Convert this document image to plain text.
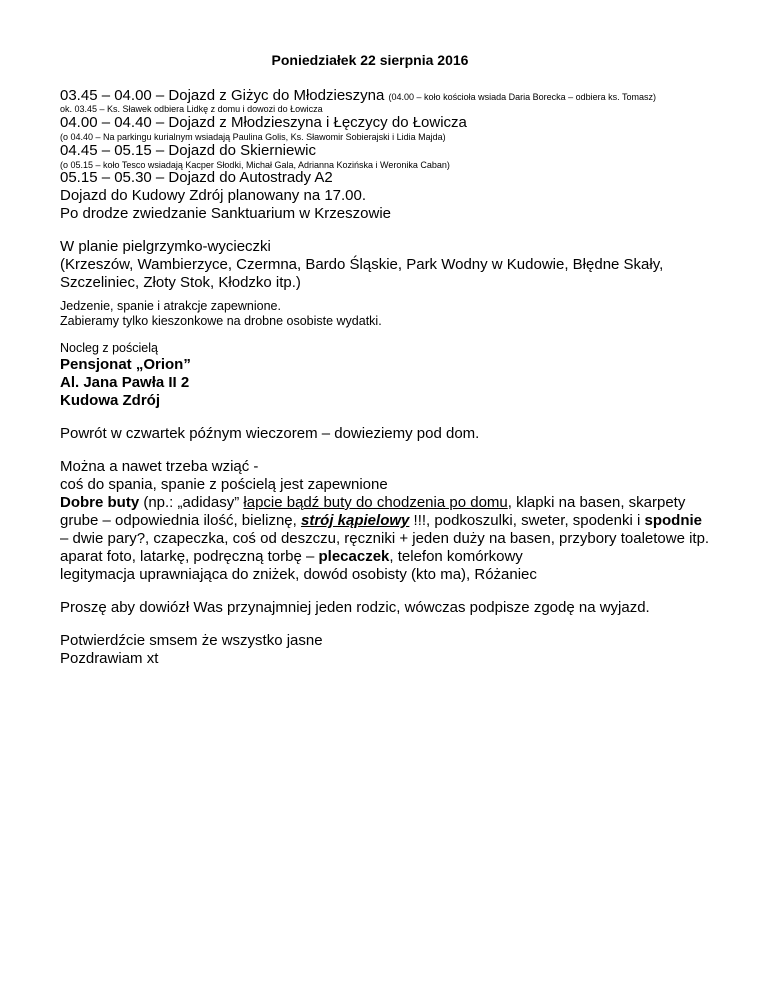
Poniedziałek 22 sierpnia 2016
03.45 – 04.00 – Dojazd z Giżyc do Młodzieszyna (04.00 – koło kościoła wsiada Daria Borecka – odbiera ks. Tomasz)
ok. 03.45 – Ks. Sławek odbiera Lidkę z domu i dowozi do Łowicza
04.00 – 04.40 – Dojazd z Młodzieszyna i Łęczycy do Łowicza
(o 04.40 – Na parkingu kurialnym wsiadają Paulina Golis, Ks. Sławomir Sobierajski i Lidia Majda)
04.45 – 05.15 – Dojazd do Skierniewic
(o 05.15 – koło Tesco wsiadają Kacper Słodki, Michał Gala, Adrianna Kozińska i Weronika Caban)
05.15 – 05.30 – Dojazd do Autostrady A2
Dojazd do Kudowy Zdrój planowany na 17.00.
Po drodze zwiedzanie Sanktuarium w Krzeszowie
W planie pielgrzymko-wycieczki
(Krzeszów, Wambierzyce, Czermna, Bardo Śląskie, Park Wodny w Kudowie, Błędne Skały,
Szczeliniec, Złoty Stok, Kłodzko itp.)
Jedzenie, spanie i atrakcje zapewnione.
Zabieramy tylko kieszonkowe na drobne osobiste wydatki.
Nocleg z pościelą
Pensjonat „Orion”
Al. Jana Pawła II 2
Kudowa Zdrój
Powrót w czwartek późnym wieczorem – dowieziemy pod dom.
Można a nawet trzeba wziąć -
coś do spania, spanie z pościelą jest zapewnione
Dobre buty (np.: „adidasy” łapcie bądź buty do chodzenia po domu, klapki na basen, skarpety
grube – odpowiednia ilość, bieliznę, strój kąpielowy !!!, podkoszulki, sweter, spodenki i spodnie
– dwie pary?, czapeczka, coś od deszczu, ręczniki + jeden duży na basen, przybory toaletowe itp.
aparat foto, latarkę, podręczną torbę – plecaczek, telefon komórkowy
legitymacja uprawniająca do zniżek, dowód osobisty (kto ma), Różaniec
Proszę aby dowiózł Was przynajmniej jeden rodzic, wówczas podpisze zgodę na wyjazd.
Potwierdźcie smsem że wszystko jasne
Pozdrawiam xt
